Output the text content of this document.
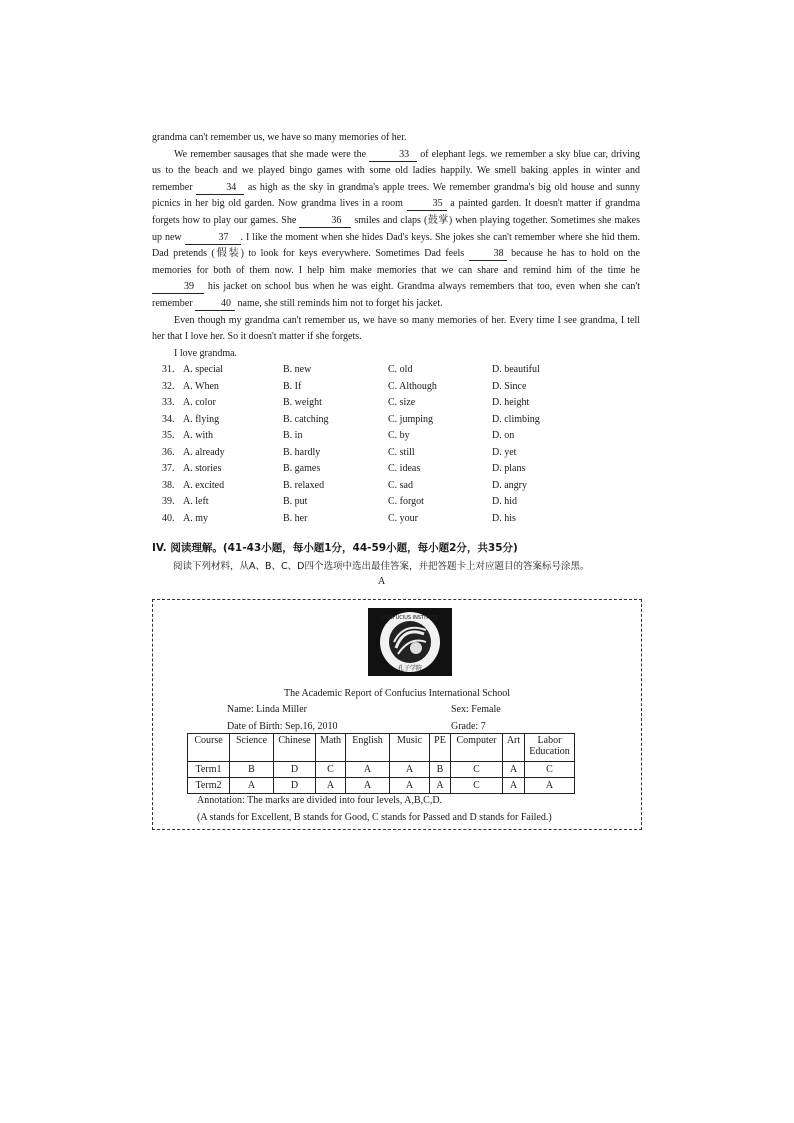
grandma can't remember us, we have so many memories of her.

We remember sausages that she made were the	33 of elephant legs. we remember a sky blue car, driving us to the beach and we played bingo games with some old ladies happily. We smell baking apples in winter and remember	34 as high as the sky in grandma's apple trees. We remember grandma's big old house and sunny picnics in her big old garden. Now grandma lives in a room	35 a painted garden. It doesn't matter if grandma forgets how to play our games. She	36 smiles and claps (鼓掌) when playing together. Sometimes she makes up new	37 . I like the moment when she hides Dad's keys. She jokes she can't remember where she hid them. Dad pretends (假装) to look for keys everywhere. Sometimes Dad feels	38 because he has to hold on the memories for both of them now. I help him make memories that we can share and remind him of the time he 39 his jacket on school bus when he was eight. Grandma always remembers that too, even when she can't remember	40 name, she still reminds him not to forget his jacket.

Even though my grandma can't remember us, we have so many memories of her. Every time I see grandma, I tell her that I love her. So it doesn't matter if she forgets.

I love grandma.

31. A. special	B. new	C. old	D. beautiful
32. A. When	B. If	C. Although	D. Since
33. A. color	B. weight	C. size	D. height
34. A. flying	B. catching	C. jumping	D. climbing
35. A. with	B. in	C. by	D. on
36. A. already	B. hardly	C. still	D. yet
37. A. stories	B. games	C. ideas	D. plans
38. A. excited	B. relaxed	C. sad	D. angry
39. A. left	B. put	C. forgot	D. hid
40. A. my	B. her	C. your	D. his
IV. 阅读理解。(41-43小题，每小题1分，44-59小题，每小题2分，共35分)
阅读下列材料，从A、B、C、D四个选项中选出最佳答案，并把答题卡上对应题目的答案标号涂黑。
A
CONFUCIUS INSTITUTE
孔子学院
The Academic Report of Confucius International School
Name: Linda Miller	Sex: Female
Date of Birth: Sep.16, 2010	Grade: 7
Course	Science	Chinese	Math	English	Music	PE	Computer	Art	Labor Education
Term1	B	D	C	A	A	B	C	A	C
Term2	A	D	A	A	A	A	C	A	A
Annotation: The marks are divided into four levels, A,B,C,D.
(A stands for Excellent, B stands for Good, C stands for Passed and D stands for Failed.)
